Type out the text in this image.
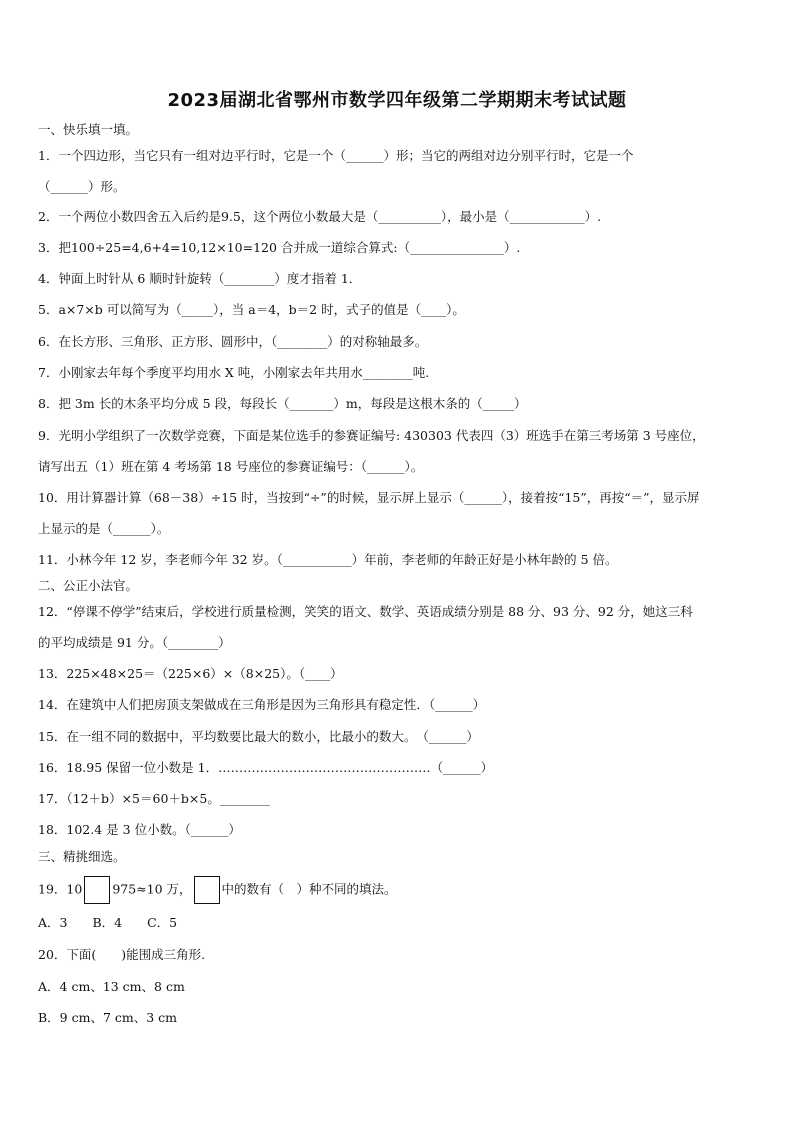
2023届湖北省鄂州市数学四年级第二学期期末考试试题
一、快乐填一填。
1．一个四边形，当它只有一组对边平行时，它是一个（______）形；当它的两组对边分别平行时，它是一个
（______）形。
2．一个两位小数四舍五入后约是9.5，这个两位小数最大是（__________），最小是（____________）.
3．把100÷25=4,6+4=10,12×10=120 合并成一道综合算式:（_______________）.
4．钟面上时针从 6 顺时针旋转（________）度才指着 1．
5．a×7×b 可以简写为（_____），当 a＝4，b＝2 时，式子的值是（____）。
6．在长方形、三角形、正方形、圆形中，（________）的对称轴最多。
7．小刚家去年每个季度平均用水 X 吨，小刚家去年共用水________吨.
8．把 3m 长的木条平均分成 5 段，每段长（_______）m，每段是这根木条的（_____）
9．光明小学组织了一次数学竞赛，下面是某位选手的参赛证编号: 430303 代表四（3）班选手在第三考场第 3 号座位，
请写出五（1）班在第 4 考场第 18 号座位的参赛证编号：（______）。
10．用计算器计算（68－38）÷15 时，当按到“÷”的时候，显示屏上显示（______），接着按“15”，再按“＝”，显示屏
上显示的是（______）。
11．小林今年 12 岁，李老师今年 32 岁。（___________）年前，李老师的年龄正好是小林年龄的 5 倍。
二、公正小法官。
12．“停课不停学”结束后，学校进行质量检测，笑笑的语文、数学、英语成绩分别是 88 分、93 分、92 分，她这三科
的平均成绩是 91 分。（________）
13．225×48×25＝（225×6）×（8×25）。（____）
14．在建筑中人们把房顶支架做成在三角形是因为三角形具有稳定性．（______）
15．在一组不同的数据中，平均数要比最大的数小，比最小的数大。　（______）
16．18.95 保留一位小数是 1．……………………………………………（______）
17．（12＋b）×5＝60＋b×5。________
18．102.4 是 3 位小数。（______）
三、精挑细选。
19．10 975≈10 万， 中的数有（　）种不同的填法。
A．3　　B．4　　C．5
20．下面(　　)能围成三角形.
A．4 cm、13 cm、8 cm
B．9 cm、7 cm、3 cm
